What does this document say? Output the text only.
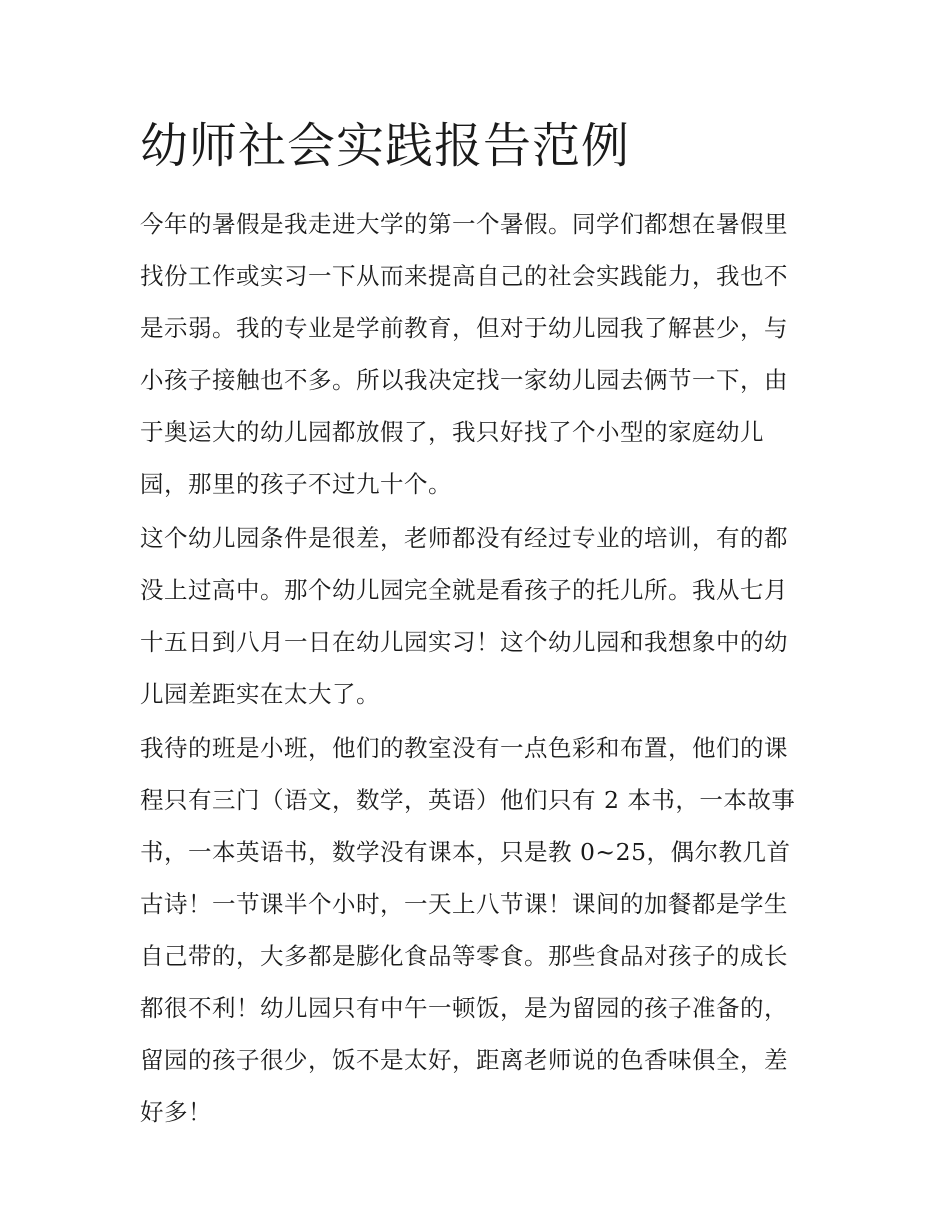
幼师社会实践报告范例

今年的暑假是我走进大学的第一个暑假。同学们都想在暑假里
找份工作或实习一下从而来提高自己的社会实践能力，我也不
是示弱。我的专业是学前教育，但对于幼儿园我了解甚少，与
小孩子接触也不多。所以我决定找一家幼儿园去俩节一下，由
于奥运大的幼儿园都放假了，我只好找了个小型的家庭幼儿
园，那里的孩子不过九十个。

这个幼儿园条件是很差，老师都没有经过专业的培训，有的都
没上过高中。那个幼儿园完全就是看孩子的托儿所。我从七月
十五日到八月一日在幼儿园实习！这个幼儿园和我想象中的幼
儿园差距实在太大了。

我待的班是小班，他们的教室没有一点色彩和布置，他们的课
程只有三门（语文，数学，英语）他们只有 2 本书，一本故事
书，一本英语书，数学没有课本，只是教 0~25，偶尔教几首
古诗！一节课半个小时，一天上八节课！课间的加餐都是学生
自己带的，大多都是膨化食品等零食。那些食品对孩子的成长
都很不利！幼儿园只有中午一顿饭，是为留园的孩子准备的，
留园的孩子很少，饭不是太好，距离老师说的色香味俱全，差
好多！
